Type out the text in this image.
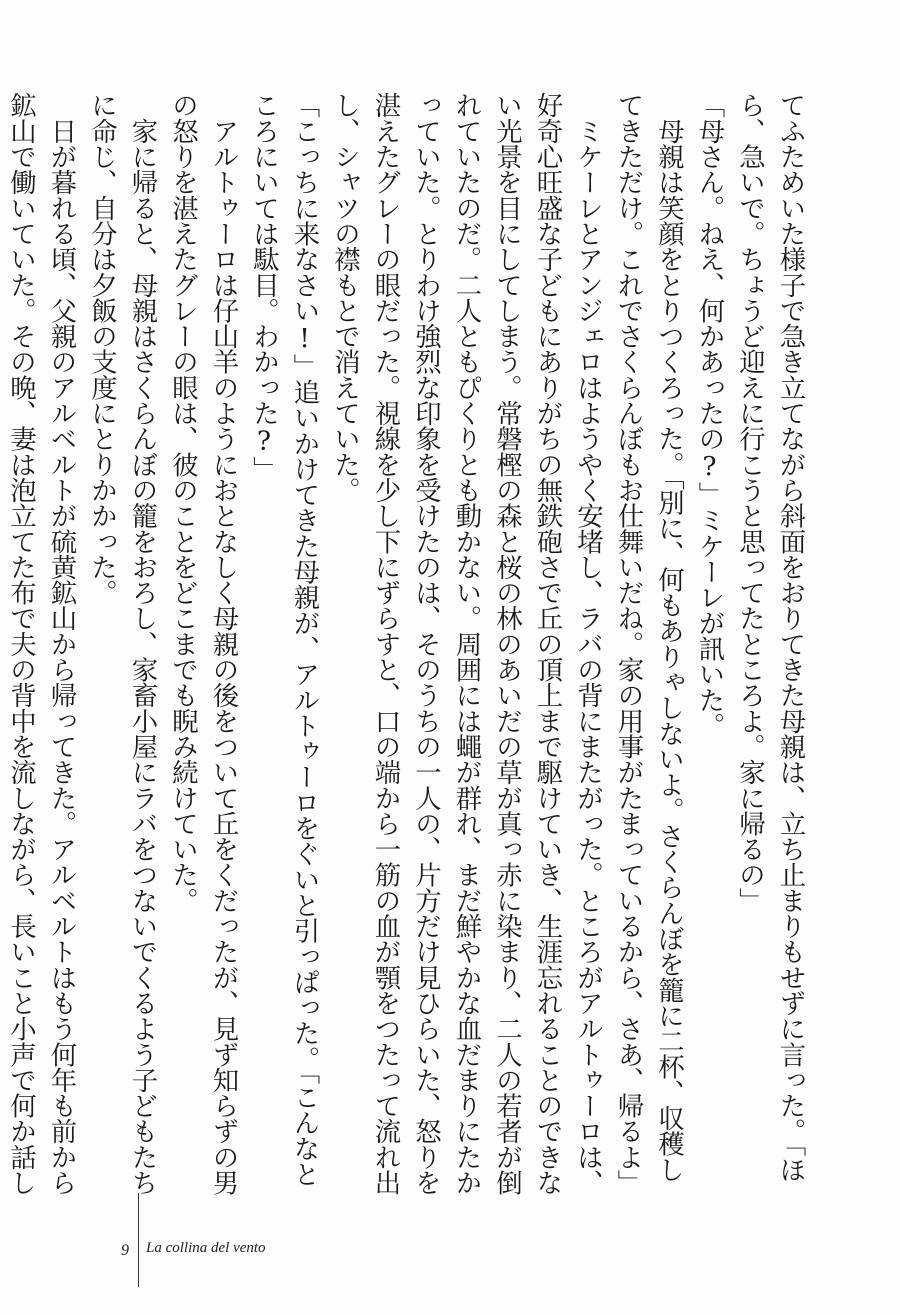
てふためいた様子で急き立てながら斜面をおりてきた母親は、立ち止まりもせずに言った。「ほ
ら、急いで。ちょうど迎えに行こうと思ってたところよ。家に帰るの」
「母さん。ねえ、何かあったの?」ミケーレが訊いた。
　母親は笑顔をとりつくろった。「別に、何もありゃしないよ。さくらんぼを籠に二杯、収穫し
てきただけ。これでさくらんぼもお仕舞いだね。家の用事がたまっているから、さあ、帰るよ」
　ミケーレとアンジェロはようやく安堵し、ラバの背にまたがった。ところがアルトゥーロは、
好奇心旺盛な子どもにありがちの無鉄砲さで丘の頂上まで駆けていき、生涯忘れることのできな
い光景を目にしてしまう。常磐樫の森と桜の林のあいだの草が真っ赤に染まり、二人の若者が倒
れていたのだ。二人ともぴくりとも動かない。周囲には蠅が群れ、まだ鮮やかな血だまりにたか
っていた。とりわけ強烈な印象を受けたのは、そのうちの一人の、片方だけ見ひらいた、怒りを
湛えたグレーの眼だった。視線を少し下にずらすと、口の端から一筋の血が顎をつたって流れ出
し、シャツの襟もとで消えていた。
「こっちに来なさい!」追いかけてきた母親が、アルトゥーロをぐいと引っぱった。「こんなと
ころにいては駄目。わかった?」
　アルトゥーロは仔山羊のようにおとなしく母親の後をついて丘をくだったが、見ず知らずの男
の怒りを湛えたグレーの眼は、彼のことをどこまでも睨み続けていた。
　家に帰ると、母親はさくらんぼの籠をおろし、家畜小屋にラバをつないでくるよう子どもたち
に命じ、自分は夕飯の支度にとりかかった。
　日が暮れる頃、父親のアルベルトが硫黄鉱山から帰ってきた。アルベルトはもう何年も前から
鉱山で働いていた。その晩、妻は泡立てた布で夫の背中を流しながら、長いこと小声で何か話し
9 La collina del vento
